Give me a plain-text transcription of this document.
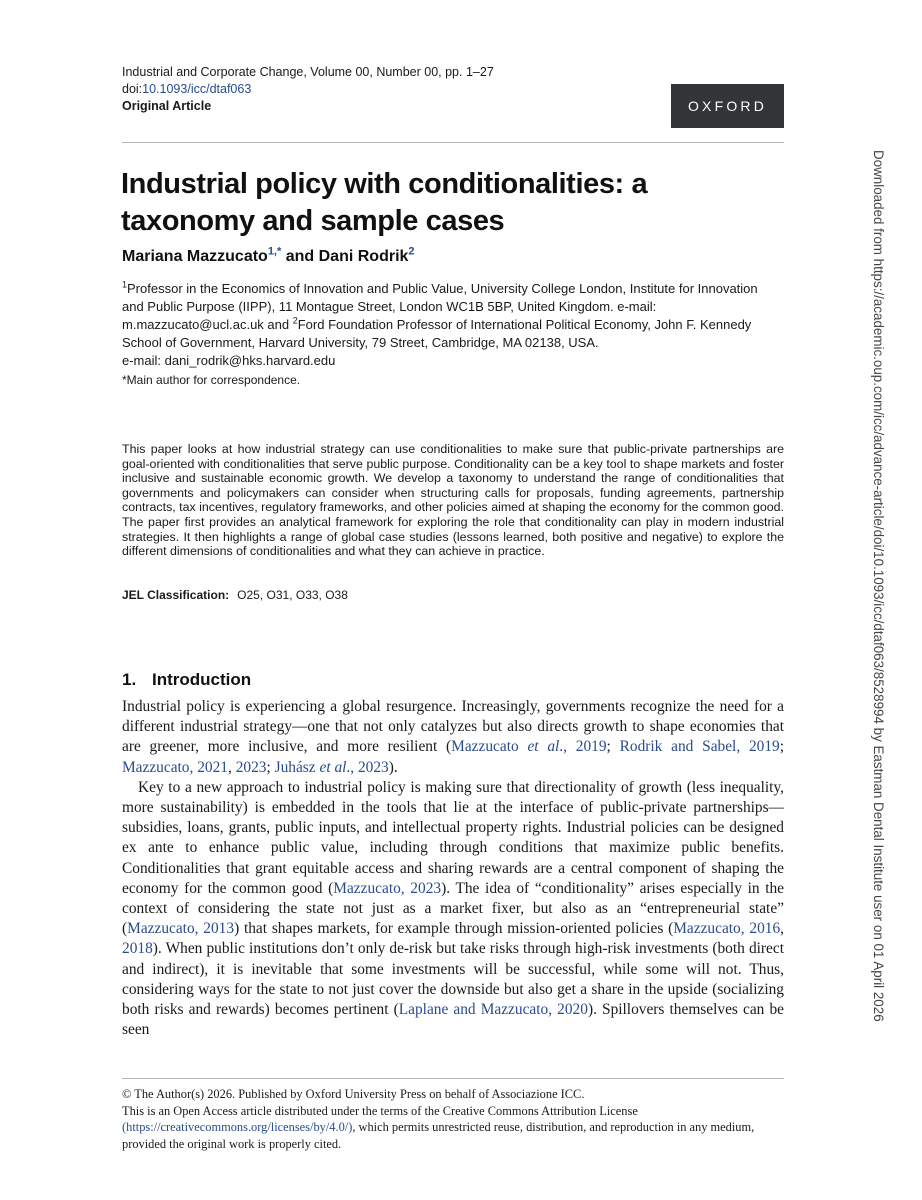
Industrial and Corporate Change, Volume 00, Number 00, pp. 1–27
doi:10.1093/icc/dtaf063
Original Article	OXFORD
Industrial policy with conditionalities: a taxonomy and sample cases
Mariana Mazzucato$^{1,*}$ and Dani Rodrik$^2$
$^1$Professor in the Economics of Innovation and Public Value, University College London, Institute for Innovation and Public Purpose (IIPP), 11 Montague Street, London WC1B 5BP, United Kingdom. e-mail: m.mazzucato@ucl.ac.uk and $^2$Ford Foundation Professor of International Political Economy, John F. Kennedy School of Government, Harvard University, 79 Street, Cambridge, MA 02138, USA.
e-mail: dani_rodrik@hks.harvard.edu
*Main author for correspondence.

This paper looks at how industrial strategy can use conditionalities to make sure that public-private partnerships are goal-oriented with conditionalities that serve public purpose. Conditionality can be a key tool to shape markets and foster inclusive and sustainable economic growth. We develop a taxonomy to understand the range of conditionalities that governments and policymakers can consider when structuring calls for proposals, funding agreements, partnership contracts, tax incentives, regulatory frameworks, and other policies aimed at shaping the economy for the common good. The paper first provides an analytical framework for exploring the role that conditionality can play in modern industrial strategies. It then highlights a range of global case studies (lessons learned, both positive and negative) to explore the different dimensions of conditionalities and what they can achieve in practice.

JEL Classification: O25, O31, O33, O38
1. Introduction

Industrial policy is experiencing a global resurgence. Increasingly, governments recognize the need for a different industrial strategy—one that not only catalyzes but also directs growth to shape economies that are greener, more inclusive, and more resilient (Mazzucato et al., 2019; Rodrik and Sabel, 2019; Mazzucato, 2021, 2023; Juhász et al., 2023).

Key to a new approach to industrial policy is making sure that directionality of growth (less inequality, more sustainability) is embedded in the tools that lie at the interface of public-private partnerships—subsidies, loans, grants, public inputs, and intellectual property rights. Industrial policies can be designed ex ante to enhance public value, including through conditions that maximize public benefits. Conditionalities that grant equitable access and sharing rewards are a central component of shaping the economy for the common good (Mazzucato, 2023). The idea of “conditionality” arises especially in the context of considering the state not just as a market fixer, but also as an “entrepreneurial state” (Mazzucato, 2013) that shapes markets, for example through mission-oriented policies (Mazzucato, 2016, 2018). When public institutions don’t only de-risk but take risks through high-risk investments (both direct and indirect), it is inevitable that some investments will be successful, while some will not. Thus, considering ways for the state to not just cover the downside but also get a share in the upside (socializing both risks and rewards) becomes pertinent (Laplane and Mazzucato, 2020). Spillovers themselves can be seen

© The Author(s) 2026. Published by Oxford University Press on behalf of Associazione ICC.

This is an Open Access article distributed under the terms of the Creative Commons Attribution License
(https://creativecommons.org/licenses/by/4.0/), which permits unrestricted reuse, distribution, and reproduction in any medium, provided the original work is properly cited.

Downloaded from https://academic.oup.com/icc/advance-article/doi/10.1093/icc/dtaf063/8528994 by Eastman Dental Institute user on 01 April 2026
